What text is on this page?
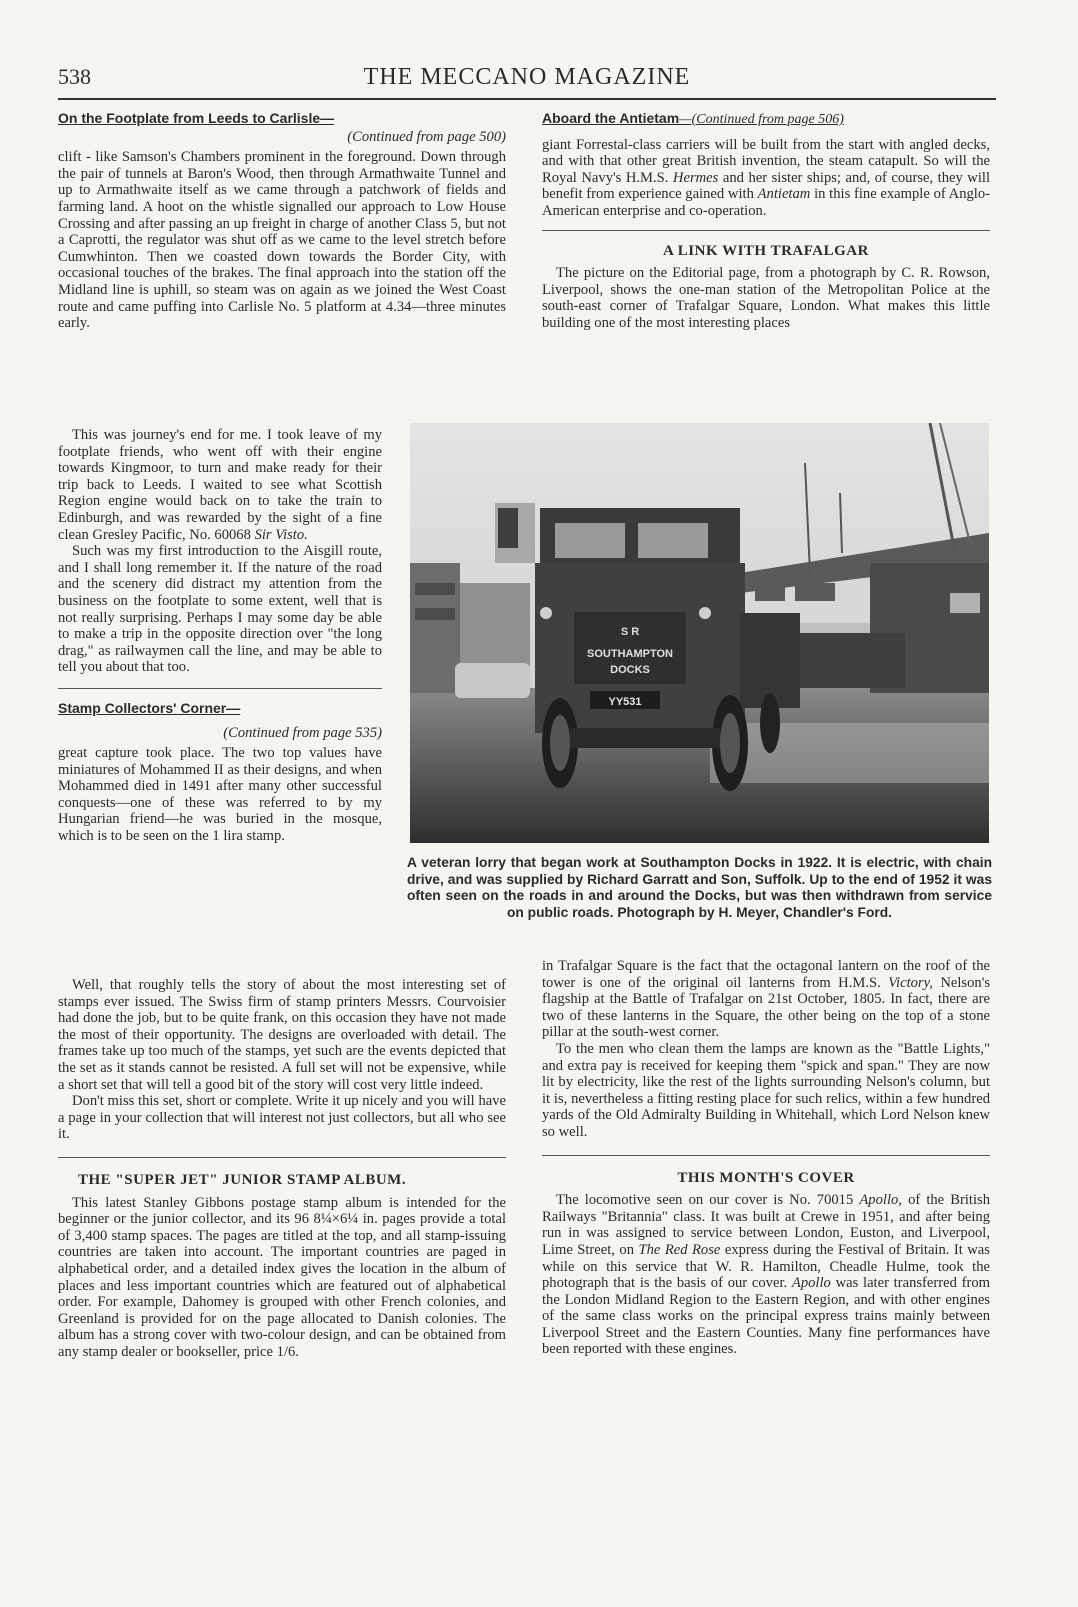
538	THE MECCANO MAGAZINE
On the Footplate from Leeds to Carlisle—
(Continued from page 500)

clift - like Samson's Chambers prominent in the foreground. Down through the pair of tunnels at Baron's Wood, then through Armathwaite Tunnel and up to Armathwaite itself as we came through a patchwork of fields and farming land. A hoot on the whistle signalled our approach to Low House Crossing and after passing an up freight in charge of another Class 5, but not a Caprotti, the regulator was shut off as we came to the level stretch before Cumwhinton. Then we coasted down towards the Border City, with occasional touches of the brakes. The final approach into the station off the Midland line is uphill, so steam was on again as we joined the West Coast route and came puffing into Carlisle No. 5 platform at 4.34—three minutes early.

This was journey's end for me. I took leave of my footplate friends, who went off with their engine towards Kingmoor, to turn and make ready for their trip back to Leeds. I waited to see what Scottish Region engine would back on to take the train to Edinburgh, and was rewarded by the sight of a fine clean Gresley Pacific, No. 60068 Sir Visto.

Such was my first introduction to the Aisgill route, and I shall long remember it. If the nature of the road and the scenery did distract my attention from the business on the footplate to some extent, well that is not really surprising. Perhaps I may some day be able to make a trip in the opposite direction over "the long drag," as railwaymen call the line, and may be able to tell you about that too.

Stamp Collectors' Corner—
(Continued from page 535)

great capture took place. The two top values have miniatures of Mohammed II as their designs, and when Mohammed died in 1491 after many other successful conquests—one of these was referred to by my Hungarian friend—he was buried in the mosque, which is to be seen on the 1 lira stamp.

Well, that roughly tells the story of about the most interesting set of stamps ever issued. The Swiss firm of stamp printers Messrs. Courvoisier had done the job, but to be quite frank, on this occasion they have not made the most of their opportunity. The designs are overloaded with detail. The frames take up too much of the stamps, yet such are the events depicted that the set as it stands cannot be resisted. A full set will not be expensive, while a short set that will tell a good bit of the story will cost very little indeed.

Don't miss this set, short or complete. Write it up nicely and you will have a page in your collection that will interest not just collectors, but all who see it.

THE "SUPER JET" JUNIOR STAMP ALBUM.

This latest Stanley Gibbons postage stamp album is intended for the beginner or the junior collector, and its 96 8¼×6¼ in. pages provide a total of 3,400 stamp spaces. The pages are titled at the top, and all stamp-issuing countries are taken into account. The important countries are paged in alphabetical order, and a detailed index gives the location in the album of places and less important countries which are featured out of alphabetical order. For example, Dahomey is grouped with other French colonies, and Greenland is provided for on the page allocated to Danish colonies. The album has a strong cover with two-colour design, and can be obtained from any stamp dealer or bookseller, price 1/6.

Aboard the Antietam—(Continued from page 506)

giant Forrestal-class carriers will be built from the start with angled decks, and with that other great British invention, the steam catapult. So will the Royal Navy's H.M.S. Hermes and her sister ships; and, of course, they will benefit from experience gained with Antietam in this fine example of Anglo-American enterprise and co-operation.

A LINK WITH TRAFALGAR

The picture on the Editorial page, from a photograph by C. R. Rowson, Liverpool, shows the one-man station of the Metropolitan Police at the south-east corner of Trafalgar Square, London. What makes this little building one of the most interesting places

S R
SOUTHAMPTON
DOCKS
YY531
A veteran lorry that began work at Southampton Docks in 1922. It is electric, with chain drive, and was supplied by Richard Garratt and Son, Suffolk. Up to the end of 1952 it was often seen on the roads in and around the Docks, but was then withdrawn from service on public roads. Photograph by H. Meyer, Chandler's Ford.

in Trafalgar Square is the fact that the octagonal lantern on the roof of the tower is one of the original oil lanterns from H.M.S. Victory, Nelson's flagship at the Battle of Trafalgar on 21st October, 1805. In fact, there are two of these lanterns in the Square, the other being on the top of a stone pillar at the south-west corner.

To the men who clean them the lamps are known as the "Battle Lights," and extra pay is received for keeping them "spick and span." They are now lit by electricity, like the rest of the lights surrounding Nelson's column, but it is, nevertheless a fitting resting place for such relics, within a few hundred yards of the Old Admiralty Building in Whitehall, which Lord Nelson knew so well.

THIS MONTH'S COVER

The locomotive seen on our cover is No. 70015 Apollo, of the British Railways "Britannia" class. It was built at Crewe in 1951, and after being run in was assigned to service between London, Euston, and Liverpool, Lime Street, on The Red Rose express during the Festival of Britain. It was while on this service that W. R. Hamilton, Cheadle Hulme, took the photograph that is the basis of our cover. Apollo was later transferred from the London Midland Region to the Eastern Region, and with other engines of the same class works on the principal express trains mainly between Liverpool Street and the Eastern Counties. Many fine performances have been reported with these engines.
